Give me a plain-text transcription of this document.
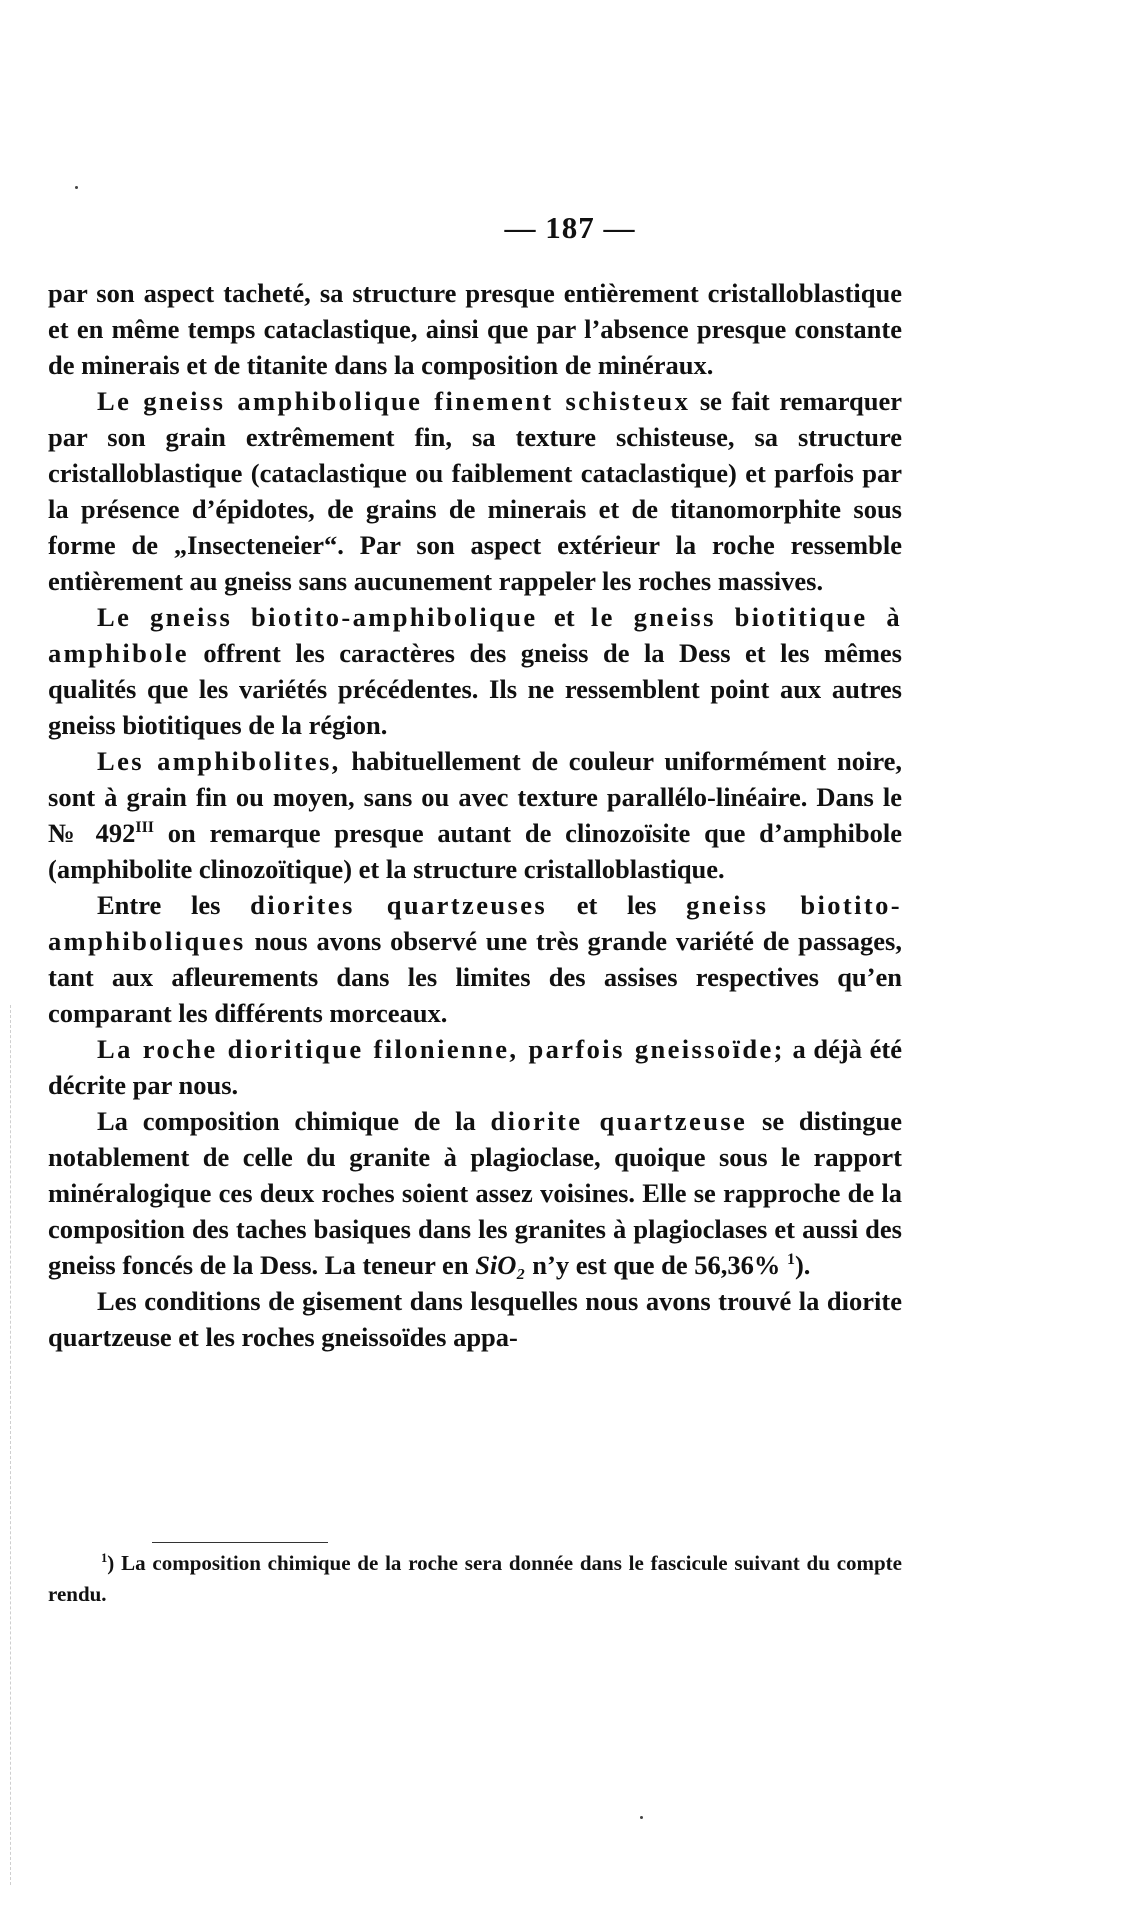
— 187 —

par son aspect tacheté, sa structure presque entièrement cristalloblastique et en même temps cataclastique, ainsi que par l’absence presque constante de minerais et de titanite dans la composition de minéraux.

Le gneiss amphibolique finement schisteux se fait remarquer par son grain extrêmement fin, sa texture schisteuse, sa structure cristalloblastique (cataclastique ou faiblement cataclastique) et parfois par la présence d’épidotes, de grains de minerais et de titanomorphite sous forme de „Insecteneier“. Par son aspect extérieur la roche ressemble entièrement au gneiss sans aucunement rappeler les roches massives.

Le gneiss biotito-amphibolique et le gneiss biotitique à amphibole offrent les caractères des gneiss de la Dess et les mêmes qualités que les variétés précédentes. Ils ne ressemblent point aux autres gneiss biotitiques de la région.

Les amphibolites, habituellement de couleur uniformément noire, sont à grain fin ou moyen, sans ou avec texture parallélo-linéaire. Dans le № $492^{III}$ on remarque presque autant de clinozoïsite que d’amphibole (amphibolite clinozoïtique) et la structure cristalloblastique.

Entre les diorites quartzeuses et les gneiss biotito-amphiboliques nous avons observé une très grande variété de passages, tant aux afleurements dans les limites des assises respectives qu’en comparant les différents morceaux.

La roche dioritique filonienne, parfois gneissoïde; a déjà été décrite par nous.

La composition chimique de la diorite quartzeuse se distingue notablement de celle du granite à plagioclase, quoique sous le rapport minéralogique ces deux roches soient assez voisines. Elle se rapproche de la composition des taches basiques dans les granites à plagioclases et aussi des gneiss foncés de la Dess. La teneur en SiO₂ n’y est que de 56,36% $^1$).

Les conditions de gisement dans lesquelles nous avons trouvé la diorite quartzeuse et les roches gneissoïdes appa-

$^1$) La composition chimique de la roche sera donnée dans le fascicule suivant du compte rendu.
